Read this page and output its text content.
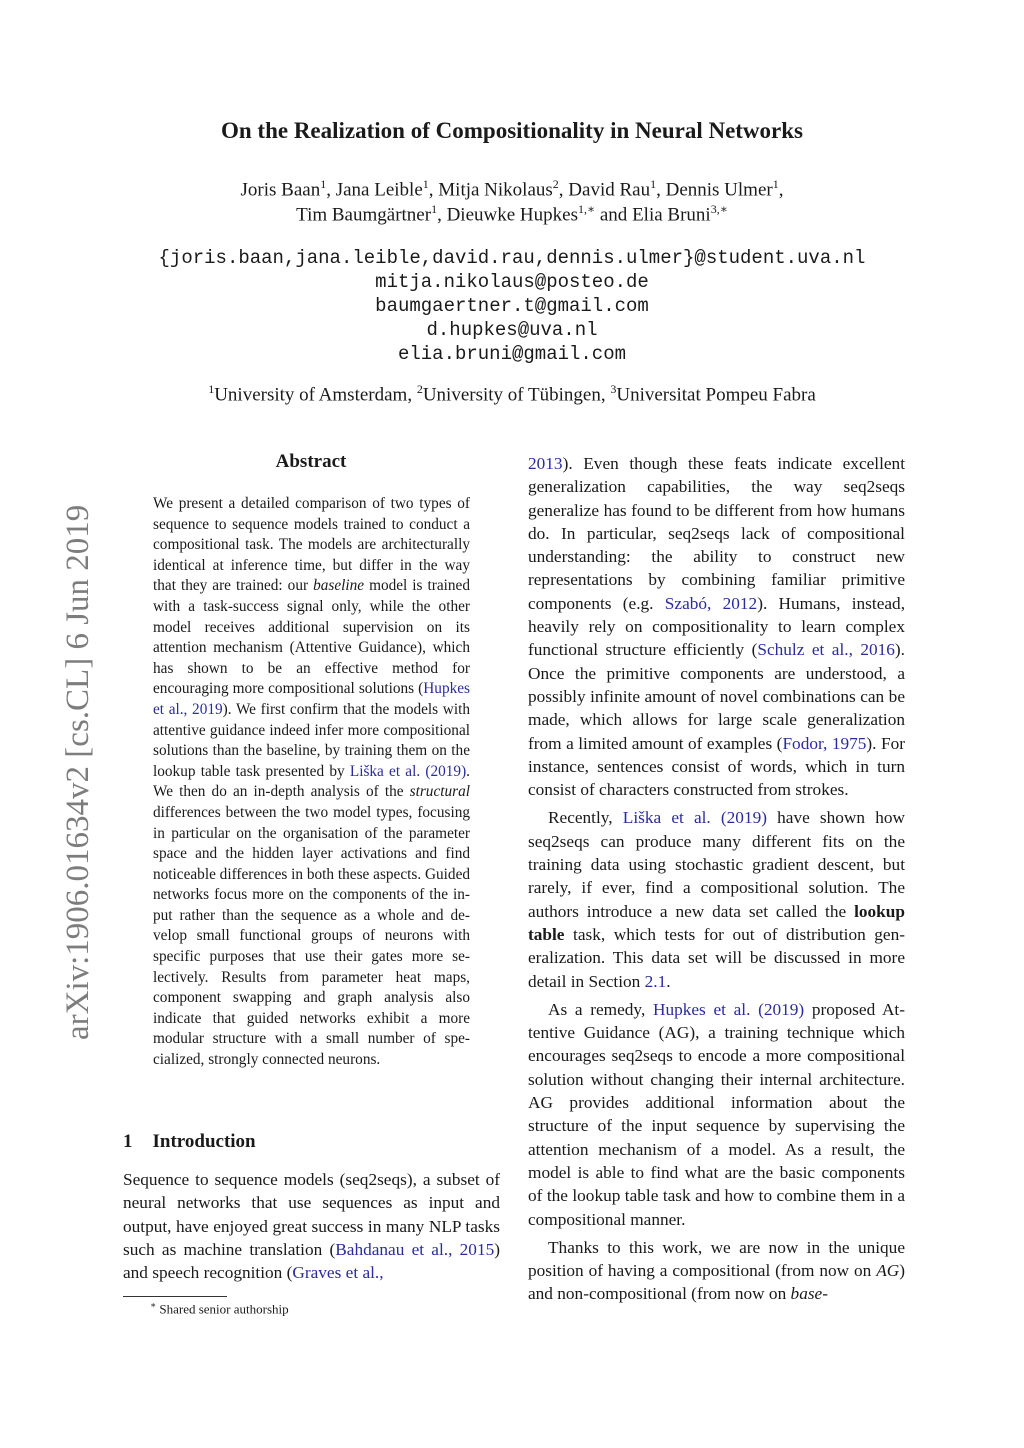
arXiv:1906.01634v2 [cs.CL] 6 Jun 2019
On the Realization of Compositionality in Neural Networks
Joris Baan$^1$, Jana Leible$^1$, Mitja Nikolaus$^2$, David Rau$^1$, Dennis Ulmer$^1$,
Tim Baumgärtner$^1$, Dieuwke Hupkes$^{1,∗}$ and Elia Bruni$^{3,∗}$
{joris.baan,jana.leible,david.rau,dennis.ulmer}@student.uva.nl
mitja.nikolaus@posteo.de
baumgaertner.t@gmail.com
d.hupkes@uva.nl
elia.bruni@gmail.com
$^1$University of Amsterdam, $^2$University of Tübingen, $^3$Universitat Pompeu Fabra
Abstract
We present a detailed comparison of two types of sequence to sequence models trained to conduct a compositional task. The models are architecturally identical at inference time, but differ in the way that they are trained: our baseline model is trained with a task-success signal only, while the other model receives additional supervision on its attention mechanism (Attentive Guidance), which has shown to be an effective method for encouraging more compositional solutions (Hupkes et al., 2019). We first confirm that the models with attentive guidance indeed infer more compositional solutions than the baseline, by training them on the lookup table task presented by Liška et al. (2019). We then do an in-depth analysis of the structural differences between the two model types, focusing in particular on the organisation of the parameter space and the hidden layer activations and find noticeable differences in both these aspects. Guided networks focus more on the components of the input rather than the sequence as a whole and develop small functional groups of neurons with specific purposes that use their gates more selectively. Results from parameter heat maps, component swapping and graph analysis also indicate that guided networks exhibit a more modular structure with a small number of specialized, strongly connected neurons.
1 Introduction
Sequence to sequence models (seq2seqs), a subset of neural networks that use sequences as input and output, have enjoyed great success in many NLP tasks such as machine translation (Bahdanau et al., 2015) and speech recognition (Graves et al.,
∗ Shared senior authorship

2013). Even though these feats indicate excellent generalization capabilities, the way seq2seqs generalize has found to be different from how humans do. In particular, seq2seqs lack of compositional understanding: the ability to construct new representations by combining familiar primitive components (e.g. Szabó, 2012). Humans, instead, heavily rely on compositionality to learn complex functional structure efficiently (Schulz et al., 2016). Once the primitive components are understood, a possibly infinite amount of novel combinations can be made, which allows for large scale generalization from a limited amount of examples (Fodor, 1975). For instance, sentences consist of words, which in turn consist of characters constructed from strokes.

Recently, Liška et al. (2019) have shown how seq2seqs can produce many different fits on the training data using stochastic gradient descent, but rarely, if ever, find a compositional solution. The authors introduce a new data set called the lookup table task, which tests for out of distribution generalization. This data set will be discussed in more detail in Section 2.1.

As a remedy, Hupkes et al. (2019) proposed Attentive Guidance (AG), a training technique which encourages seq2seqs to encode a more compositional solution without changing their internal architecture. AG provides additional information about the structure of the input sequence by supervising the attention mechanism of a model. As a result, the model is able to find what are the basic components of the lookup table task and how to combine them in a compositional manner.

Thanks to this work, we are now in the unique position of having a compositional (from now on AG) and non-compositional (from now on base-
